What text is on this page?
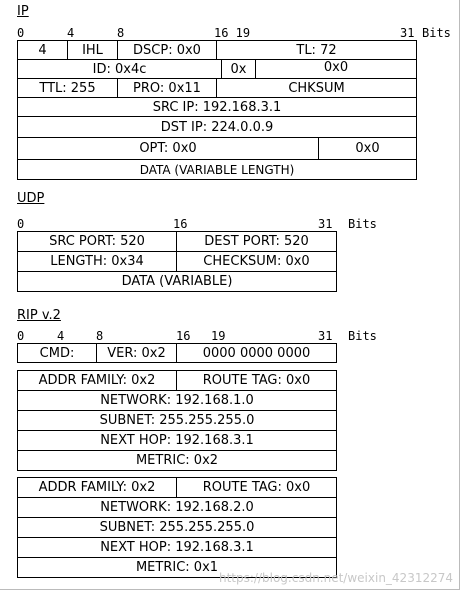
IP
0	4	8	16 19	31 Bits
4	IHL	DSCP: 0x0	TL: 72
ID: 0x4c	0x	0x0
TTL: 255	PRO: 0x11	CHKSUM
SRC IP: 192.168.3.1
DST IP: 224.0.0.9
OPT: 0x0	0x0
DATA (VARIABLE LENGTH)
UDP
0	16	31 Bits
SRC PORT: 520	DEST PORT: 520
LENGTH: 0x34	CHECKSUM: 0x0
DATA (VARIABLE)
RIP v.2
0	4	8	16 19	31 Bits
CMD:	VER: 0x2	0000 0000 0000
ADDR FAMILY: 0x2	ROUTE TAG: 0x0
NETWORK: 192.168.1.0
SUBNET: 255.255.255.0
NEXT HOP: 192.168.3.1
METRIC: 0x2
ADDR FAMILY: 0x2	ROUTE TAG: 0x0
NETWORK: 192.168.2.0
SUBNET: 255.255.255.0
NEXT HOP: 192.168.3.1
METRIC: 0x1
https://blog.csdn.net/weixin_42312274
